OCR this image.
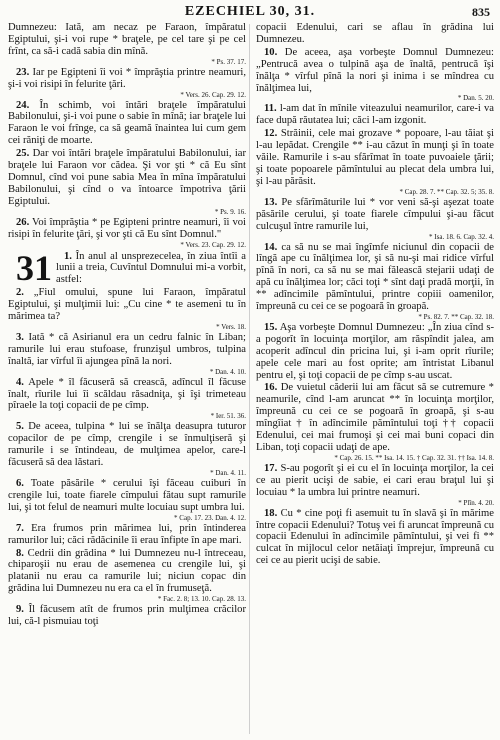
EZECHIEL 30, 31.	835

Dumnezeu: Iată, am necaz pe Faraon, împăratul Egiptului, şi-i voi rupe * braţele, pe cel tare şi pe cel frînt, ca să-i cadă sabia din mînă.
* Ps. 37. 17.

23. Iar pe Egipteni îi voi * împrăştia printre neamuri, şi-i voi risipi în felurite ţări.
* Vers. 26. Cap. 29. 12.

24. În schimb, voi întări braţele împăratului Babilonului, şi-i voi pune o sabie în mînă; iar braţele lui Faraon le voi frînge, ca să geamă înaintea lui cum gem cei răniţi de moarte.

25. Dar voi întări braţele împăratului Babilonului, iar braţele lui Faraon vor cădea. Şi vor şti * că Eu sînt Domnul, cînd voi pune sabia Mea în mîna împăratului Babilonului, şi cînd o va întoarce împotriva ţării Egiptului.
* Ps. 9. 16.

26. Voi împrăştia * pe Egipteni printre neamuri, îi voi risipi în felurite ţări, şi vor şti că Eu sînt Domnul."
* Vers. 23. Cap. 29. 12.

31 1. În anul al unsprezecelea, în ziua întîi a lunii a treia, Cuvîntul Domnului mi-a vorbit, astfel:

2. „Fiul omului, spune lui Faraon, împăratul Egiptului, şi mulţimii lui: „Cu cine * te asemeni tu în mărimea ta?
* Vers. 18.

3. Iată * că Asirianul era un cedru falnic în Liban; ramurile lui erau stufoase, frunzişul umbros, tulpina înaltă, iar vîrful îi ajungea pînă la nori.
* Dan. 4. 10.

4. Apele * îl făcuseră să crească, adîncul îl făcuse înalt, rîurile lui îi scăldau răsadniţa, şi îşi trimeteau pîraele la toţi copacii de pe cîmp.
* Ier. 51. 36.

5. De aceea, tulpina * lui se înălţa deasupra tuturor copacilor de pe cîmp, crengile i se înmulţiseră şi ramurile i se întindeau, de mulţimea apelor, care-l făcuseră să dea lăstari.
* Dan. 4. 11.

6. Toate păsările * cerului îşi făceau cuiburi în crengile lui, toate fiarele cîmpului fătau supt ramurile lui, şi tot felul de neamuri multe locuiau supt umbra lui.
* Cap. 17. 23. Dan. 4. 12.

7. Era frumos prin mărimea lui, prin întinderea ramurilor lui; căci rădăcinile îi erau înfipte în ape mari.

8. Cedrii din grădina * lui Dumnezeu nu-l întreceau, chiparoşii nu erau de asemenea cu crengile lui, şi platanii nu erau ca ramurile lui; niciun copac din grădina lui Dumnezeu nu era ca el în frumuseţă.
* Fac. 2. 8; 13. 10. Cap. 28. 13.

9. Îl făcusem atît de frumos prin mulţimea crăcilor lui, că-l pismuiau toţi

copacii Edenului, cari se aflau în grădina lui Dumnezeu.

10. De aceea, aşa vorbeşte Domnul Dumnezeu: „Pentrucă avea o tulpină aşa de înaltă, pentrucă îşi înălţa * vîrful pînă la nori şi inima i se mîndrea cu înălţimea lui,
* Dan. 5. 20.

11. l-am dat în mînile viteazului neamurilor, care-i va face după răutatea lui; căci l-am izgonit.

12. Străinii, cele mai grozave * popoare, l-au tăiat şi l-au lepădat. Crengile ** i-au căzut în munţi şi în toate văile. Ramurile i s-au sfărîmat în toate puvoaiele ţării; şi toate popoarele pămîntului au plecat dela umbra lui, şi l-au părăsit.
* Cap. 28. 7. ** Cap. 32. 5; 35. 8.

13. Pe sfărîmăturile lui * vor veni să-şi aşezat toate păsările cerului, şi toate fiarele cîmpului şi-au făcut culcuşul între ramurile lui,
* Isa. 18. 6. Cap. 32. 4.

14. ca să nu se mai îngîmfe niciunul din copacii de lîngă ape cu înălţimea lor, şi să nu-şi mai ridice vîrful pînă în nori, ca să nu se mai fălească stejarii udaţi de apă cu înălţimea lor; căci toţi * sînt daţi pradă morţii, în ** adîncimile pămîntului, printre copiii oamenilor, împreună cu cei ce se pogoară în groapă.
* Ps. 82. 7. ** Cap. 32. 18.

15. Aşa vorbeşte Domnul Dumnezeu: „În ziua cînd s-a pogorît în locuinţa morţilor, am răspîndit jalea, am acoperit adîncul din pricina lui, şi i-am oprit rîurile; apele cele mari au fost oprite; am întristat Libanul pentru el, şi toţi copacii de pe cîmp s-au uscat.

16. De vuietul căderii lui am făcut să se cutremure * neamurile, cînd l-am aruncat ** în locuinţa morţilor, împreună cu cei ce se pogoară în groapă, şi s-au mîngîiat † în adîncimile pămîntului toţi †† copacii Edenului, cei mai frumoşi şi cei mai buni copaci din Liban, toţi copacii udaţi de ape.
* Cap. 26. 15. ** Isa. 14. 15. † Cap. 32. 31. †† Isa. 14. 8.

17. S-au pogorît şi ei cu el în locuinţa morţilor, la cei ce au pierit ucişi de sabie, ei cari erau braţul lui şi locuiau * la umbra lui printre neamuri.
* Plîn. 4. 20.

18. Cu * cine poţi fi asemuit tu în slavă şi în mărime între copacii Edenului? Totuş vei fi aruncat împreună cu copacii Edenului în adîncimile pămîntului, şi vei fi ** culcat în mijlocul celor netăiaţi împrejur, împreună cu cei ce au pierit ucişi de sabie.
